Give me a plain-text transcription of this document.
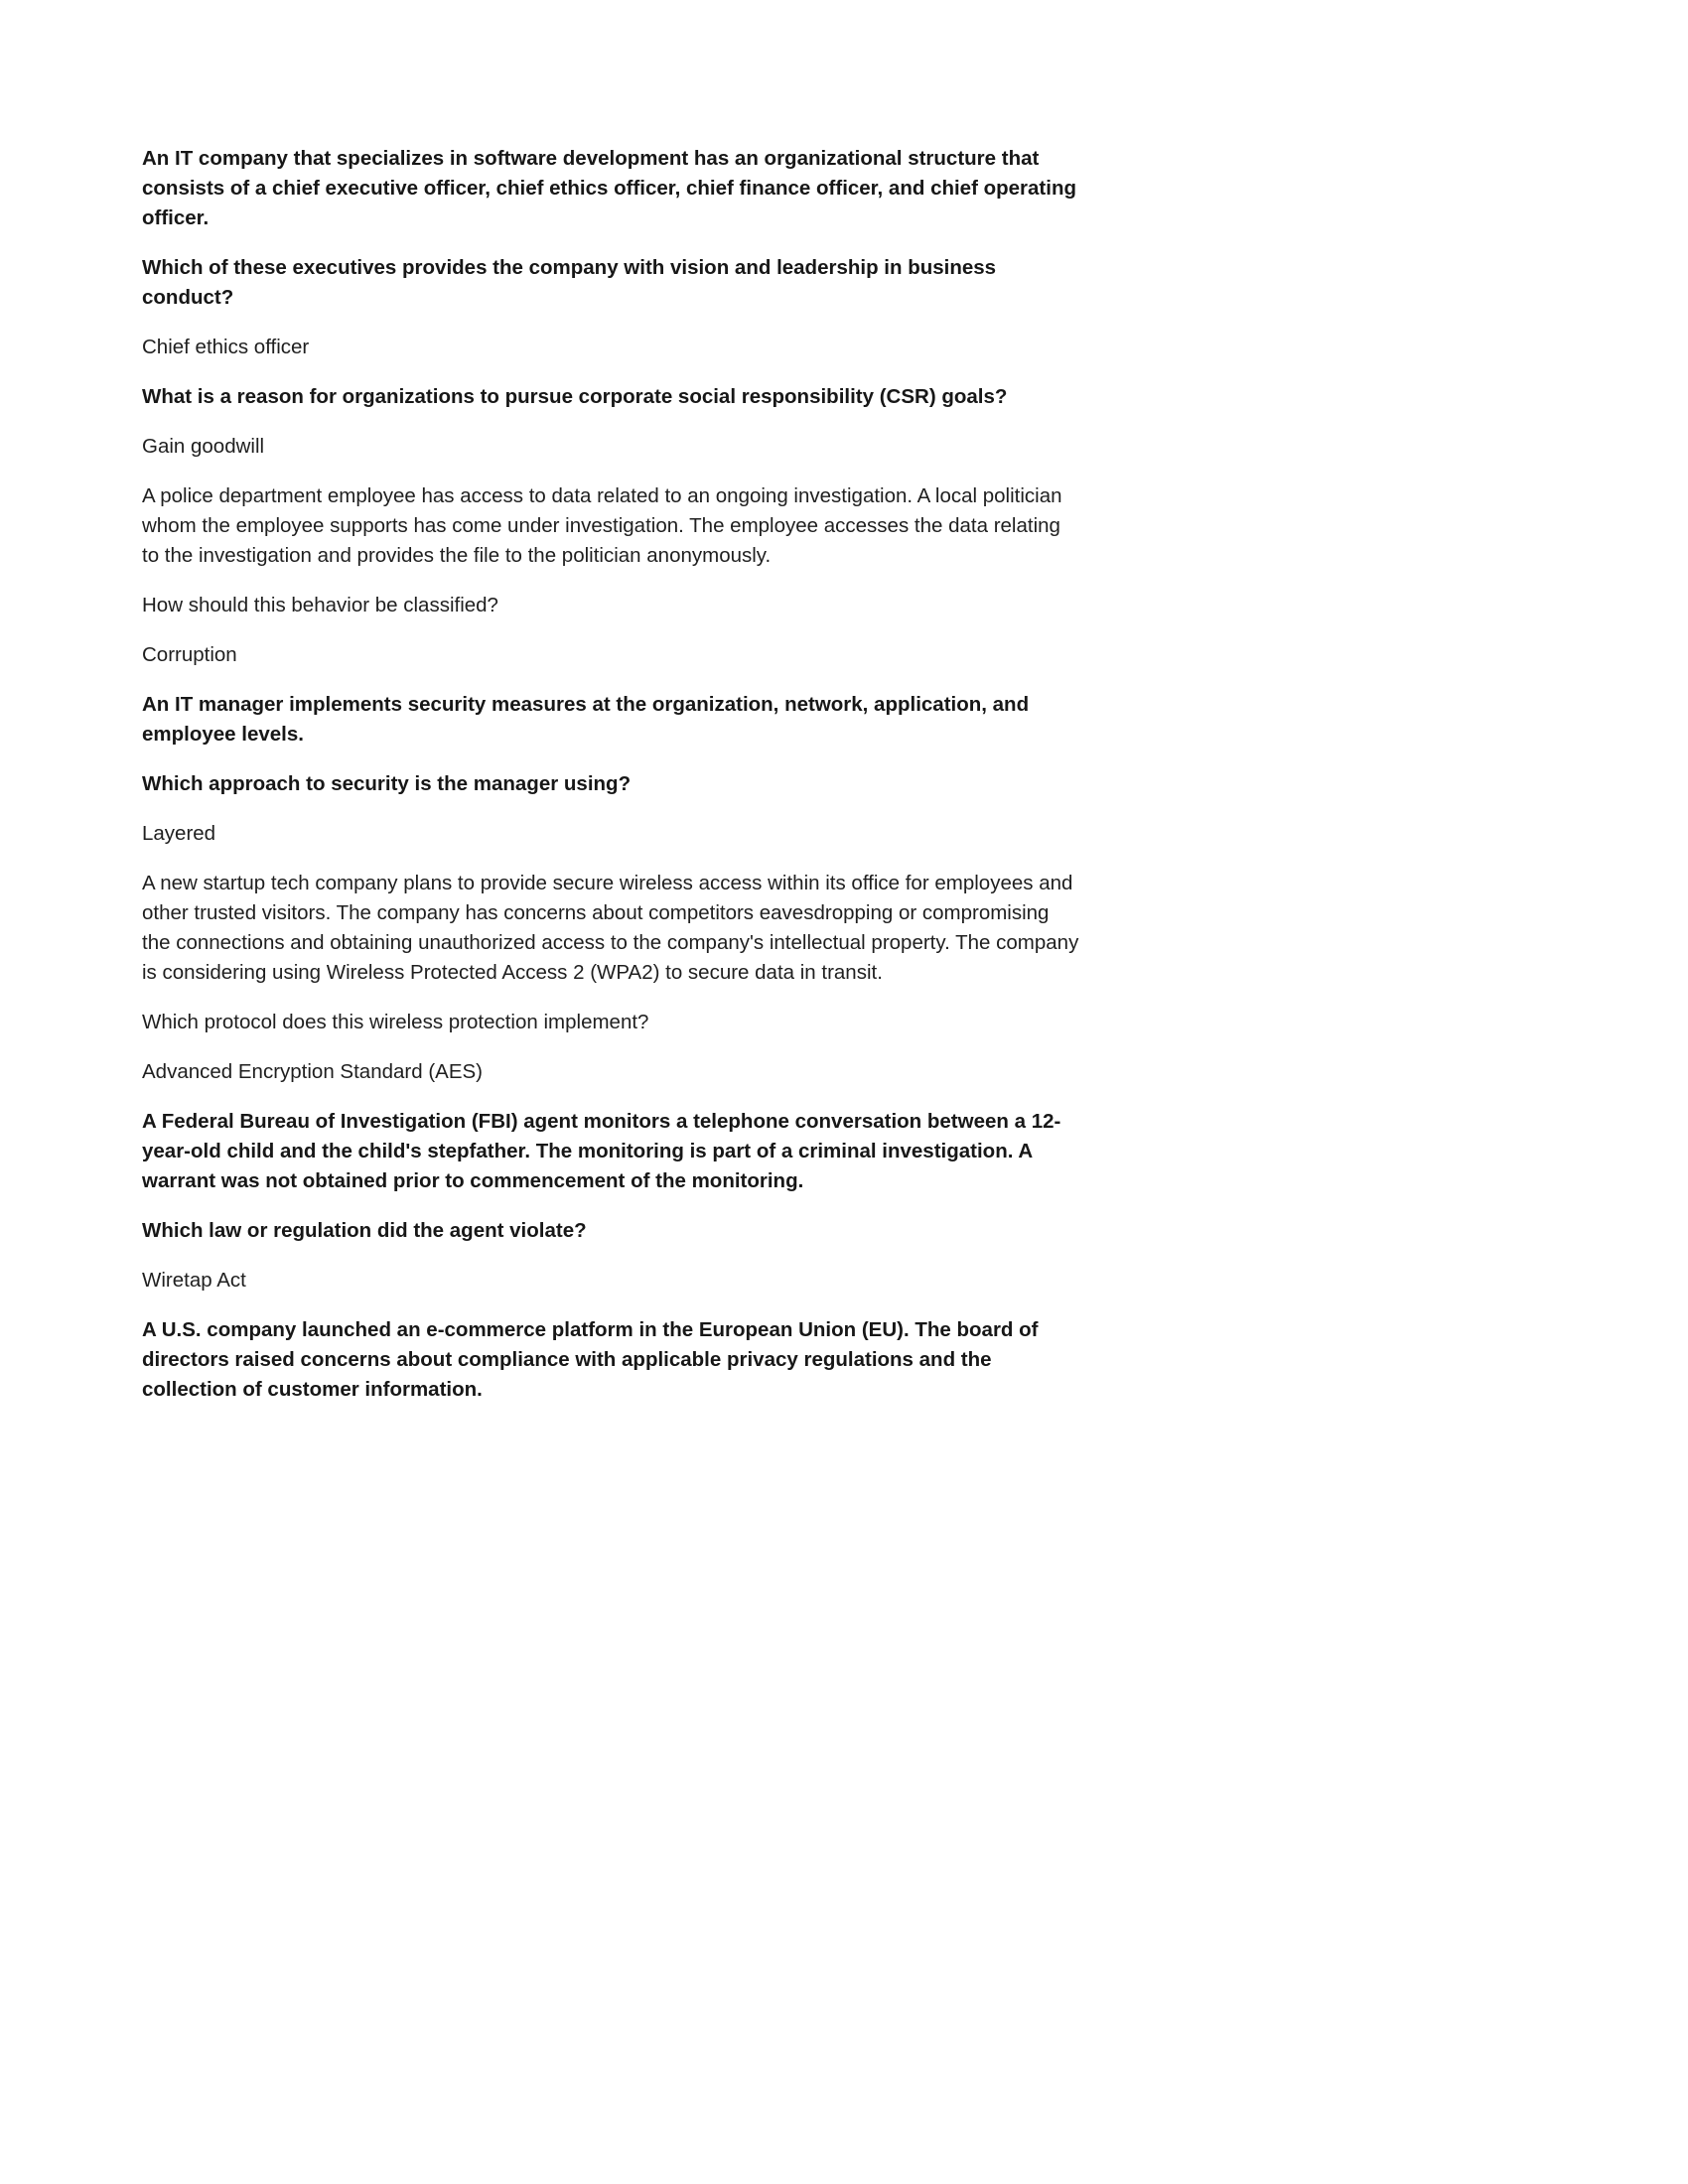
An IT company that specializes in software development has an organizational structure that consists of a chief executive officer, chief ethics officer, chief finance officer, and chief operating officer.

Which of these executives provides the company with vision and leadership in business conduct?

Chief ethics officer

What is a reason for organizations to pursue corporate social responsibility (CSR) goals?

Gain goodwill

A police department employee has access to data related to an ongoing investigation. A local politician whom the employee supports has come under investigation. The employee accesses the data relating to the investigation and provides the file to the politician anonymously.

How should this behavior be classified?

Corruption

An IT manager implements security measures at the organization, network, application, and employee levels.

Which approach to security is the manager using?

Layered

A new startup tech company plans to provide secure wireless access within its office for employees and other trusted visitors. The company has concerns about competitors eavesdropping or compromising the connections and obtaining unauthorized access to the company's intellectual property. The company is considering using Wireless Protected Access 2 (WPA2) to secure data in transit.

Which protocol does this wireless protection implement?

Advanced Encryption Standard (AES)

A Federal Bureau of Investigation (FBI) agent monitors a telephone conversation between a 12-year-old child and the child's stepfather. The monitoring is part of a criminal investigation. A warrant was not obtained prior to commencement of the monitoring.

Which law or regulation did the agent violate?

Wiretap Act

A U.S. company launched an e-commerce platform in the European Union (EU). The board of directors raised concerns about compliance with applicable privacy regulations and the collection of customer information.
